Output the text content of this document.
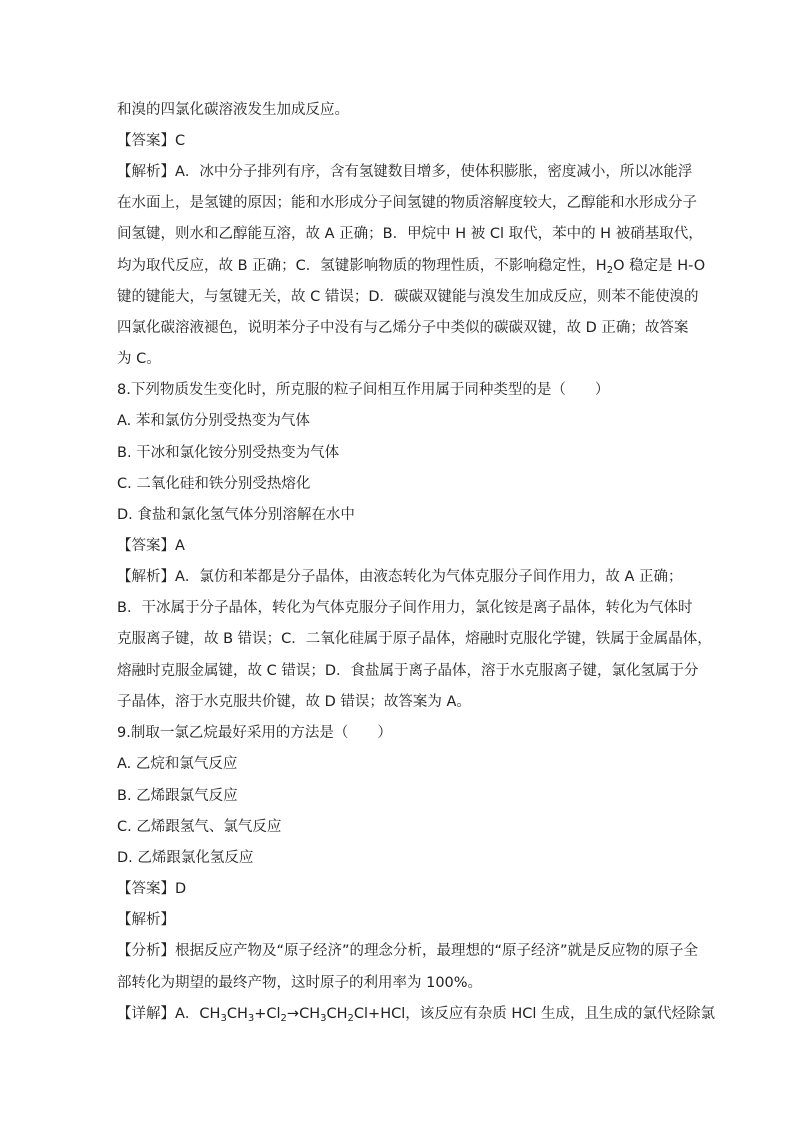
和溴的四氯化碳溶液发生加成反应。
【答案】C
【解析】A．冰中分子排列有序，含有氢键数目增多，使体积膨胀，密度减小，所以冰能浮
在水面上，是氢键的原因；能和水形成分子间氢键的物质溶解度较大，乙醇能和水形成分子
间氢键，则水和乙醇能互溶，故 A 正确；B．甲烷中 H 被 Cl 取代，苯中的 H 被硝基取代，
均为取代反应，故 B 正确；C．氢键影响物质的物理性质，不影响稳定性，$H_2O$ 稳定是 H-O
键的键能大，与氢键无关，故 C 错误；D．碳碳双键能与溴发生加成反应，则苯不能使溴的
四氯化碳溶液褪色，说明苯分子中没有与乙烯分子中类似的碳碳双键，故 D 正确；故答案
为 C。
8.下列物质发生变化时，所克服的粒子间相互作用属于同种类型的是（　　）
A. 苯和氯仿分别受热变为气体
B. 干冰和氯化铵分别受热变为气体
C. 二氧化硅和铁分别受热熔化
D. 食盐和氯化氢气体分别溶解在水中
【答案】A
【解析】A．氯仿和苯都是分子晶体，由液态转化为气体克服分子间作用力，故 A 正确；
B．干冰属于分子晶体，转化为气体克服分子间作用力，氯化铵是离子晶体，转化为气体时
克服离子键，故 B 错误；C．二氧化硅属于原子晶体，熔融时克服化学键，铁属于金属晶体，
熔融时克服金属键，故 C 错误；D．食盐属于离子晶体，溶于水克服离子键，氯化氢属于分
子晶体，溶于水克服共价键，故 D 错误；故答案为 A。
9.制取一氯乙烷最好采用的方法是（　　）
A. 乙烷和氯气反应
B. 乙烯跟氯气反应
C. 乙烯跟氢气、氯气反应
D. 乙烯跟氯化氢反应
【答案】D
【解析】
【分析】根据反应产物及“原子经济”的理念分析，最理想的“原子经济”就是反应物的原子全
部转化为期望的最终产物，这时原子的利用率为 100%。
【详解】A．$CH_3CH_3+Cl_2\to CH_3CH_2Cl+HCl$，该反应有杂质 HCl 生成，且生成的氯代烃除氯
